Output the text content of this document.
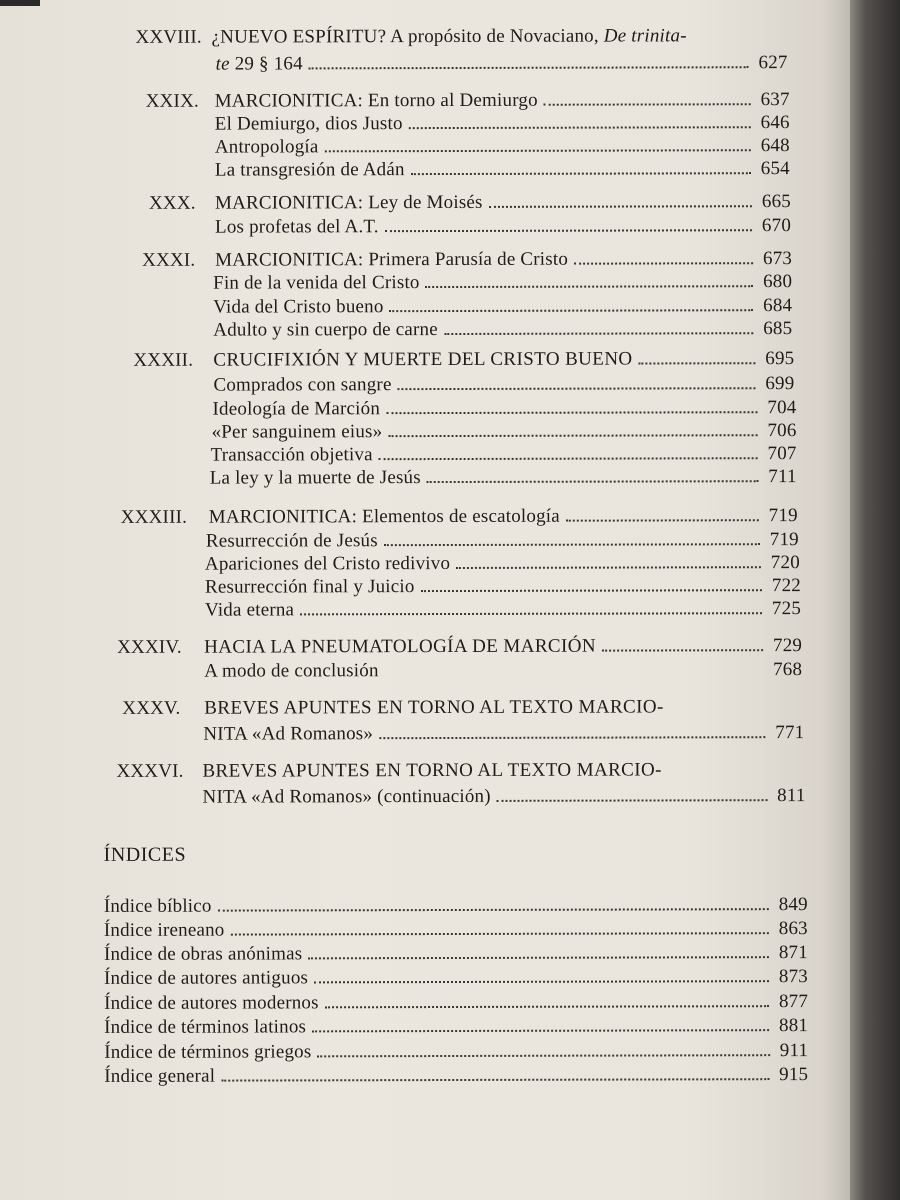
XXVIII. ¿NUEVO ESPÍRITU? A propósito de Novaciano,
De trinita-
te
29 § 164	627
XXIX. MARCIONITICA: En torno al Demiurgo	637
El Demiurgo, dios Justo	646
Antropología	648
La transgresión de Adán	654
XXX.	MARCIONITICA: Ley de Moisés	665
Los profetas del A.T.	670
XXXI.	MARCIONITICA: Primera Parusía de Cristo	673
Fin de la venida del Cristo	680
Vida del Cristo bueno	684
Adulto y sin cuerpo de carne	685
XXXII.	CRUCIFIXIÓN Y MUERTE DEL CRISTO BUENO	695
Comprados con sangre	699
Ideología de Marción	704
«Per sanguinem eius»	706
Transacción objetiva	707
La ley y la muerte de Jesús	711
XXXIII.	MARCIONITICA: Elementos de escatología	719
Resurrección de Jesús	719
Apariciones del Cristo redivivo	720
Resurrección final y Juicio	722
Vida eterna	725
XXXIV.	HACIA LA PNEUMATOLOGÍA DE MARCIÓN	729
A modo de conclusión	768
XXXV.	BREVES APUNTES EN TORNO AL TEXTO MARCIO-
NITA «Ad Romanos»	771
XXXVI. BREVES APUNTES EN TORNO AL TEXTO MARCIO-
NITA «Ad Romanos» (continuación)	811
ÍNDICES
Índice bíblico	849
Índice ireneano	863
Índice de obras anónimas	871
Índice de autores antiguos	873
Índice de autores modernos	877
Índice de términos latinos	881
Índice de términos griegos	911
Índice general	915
